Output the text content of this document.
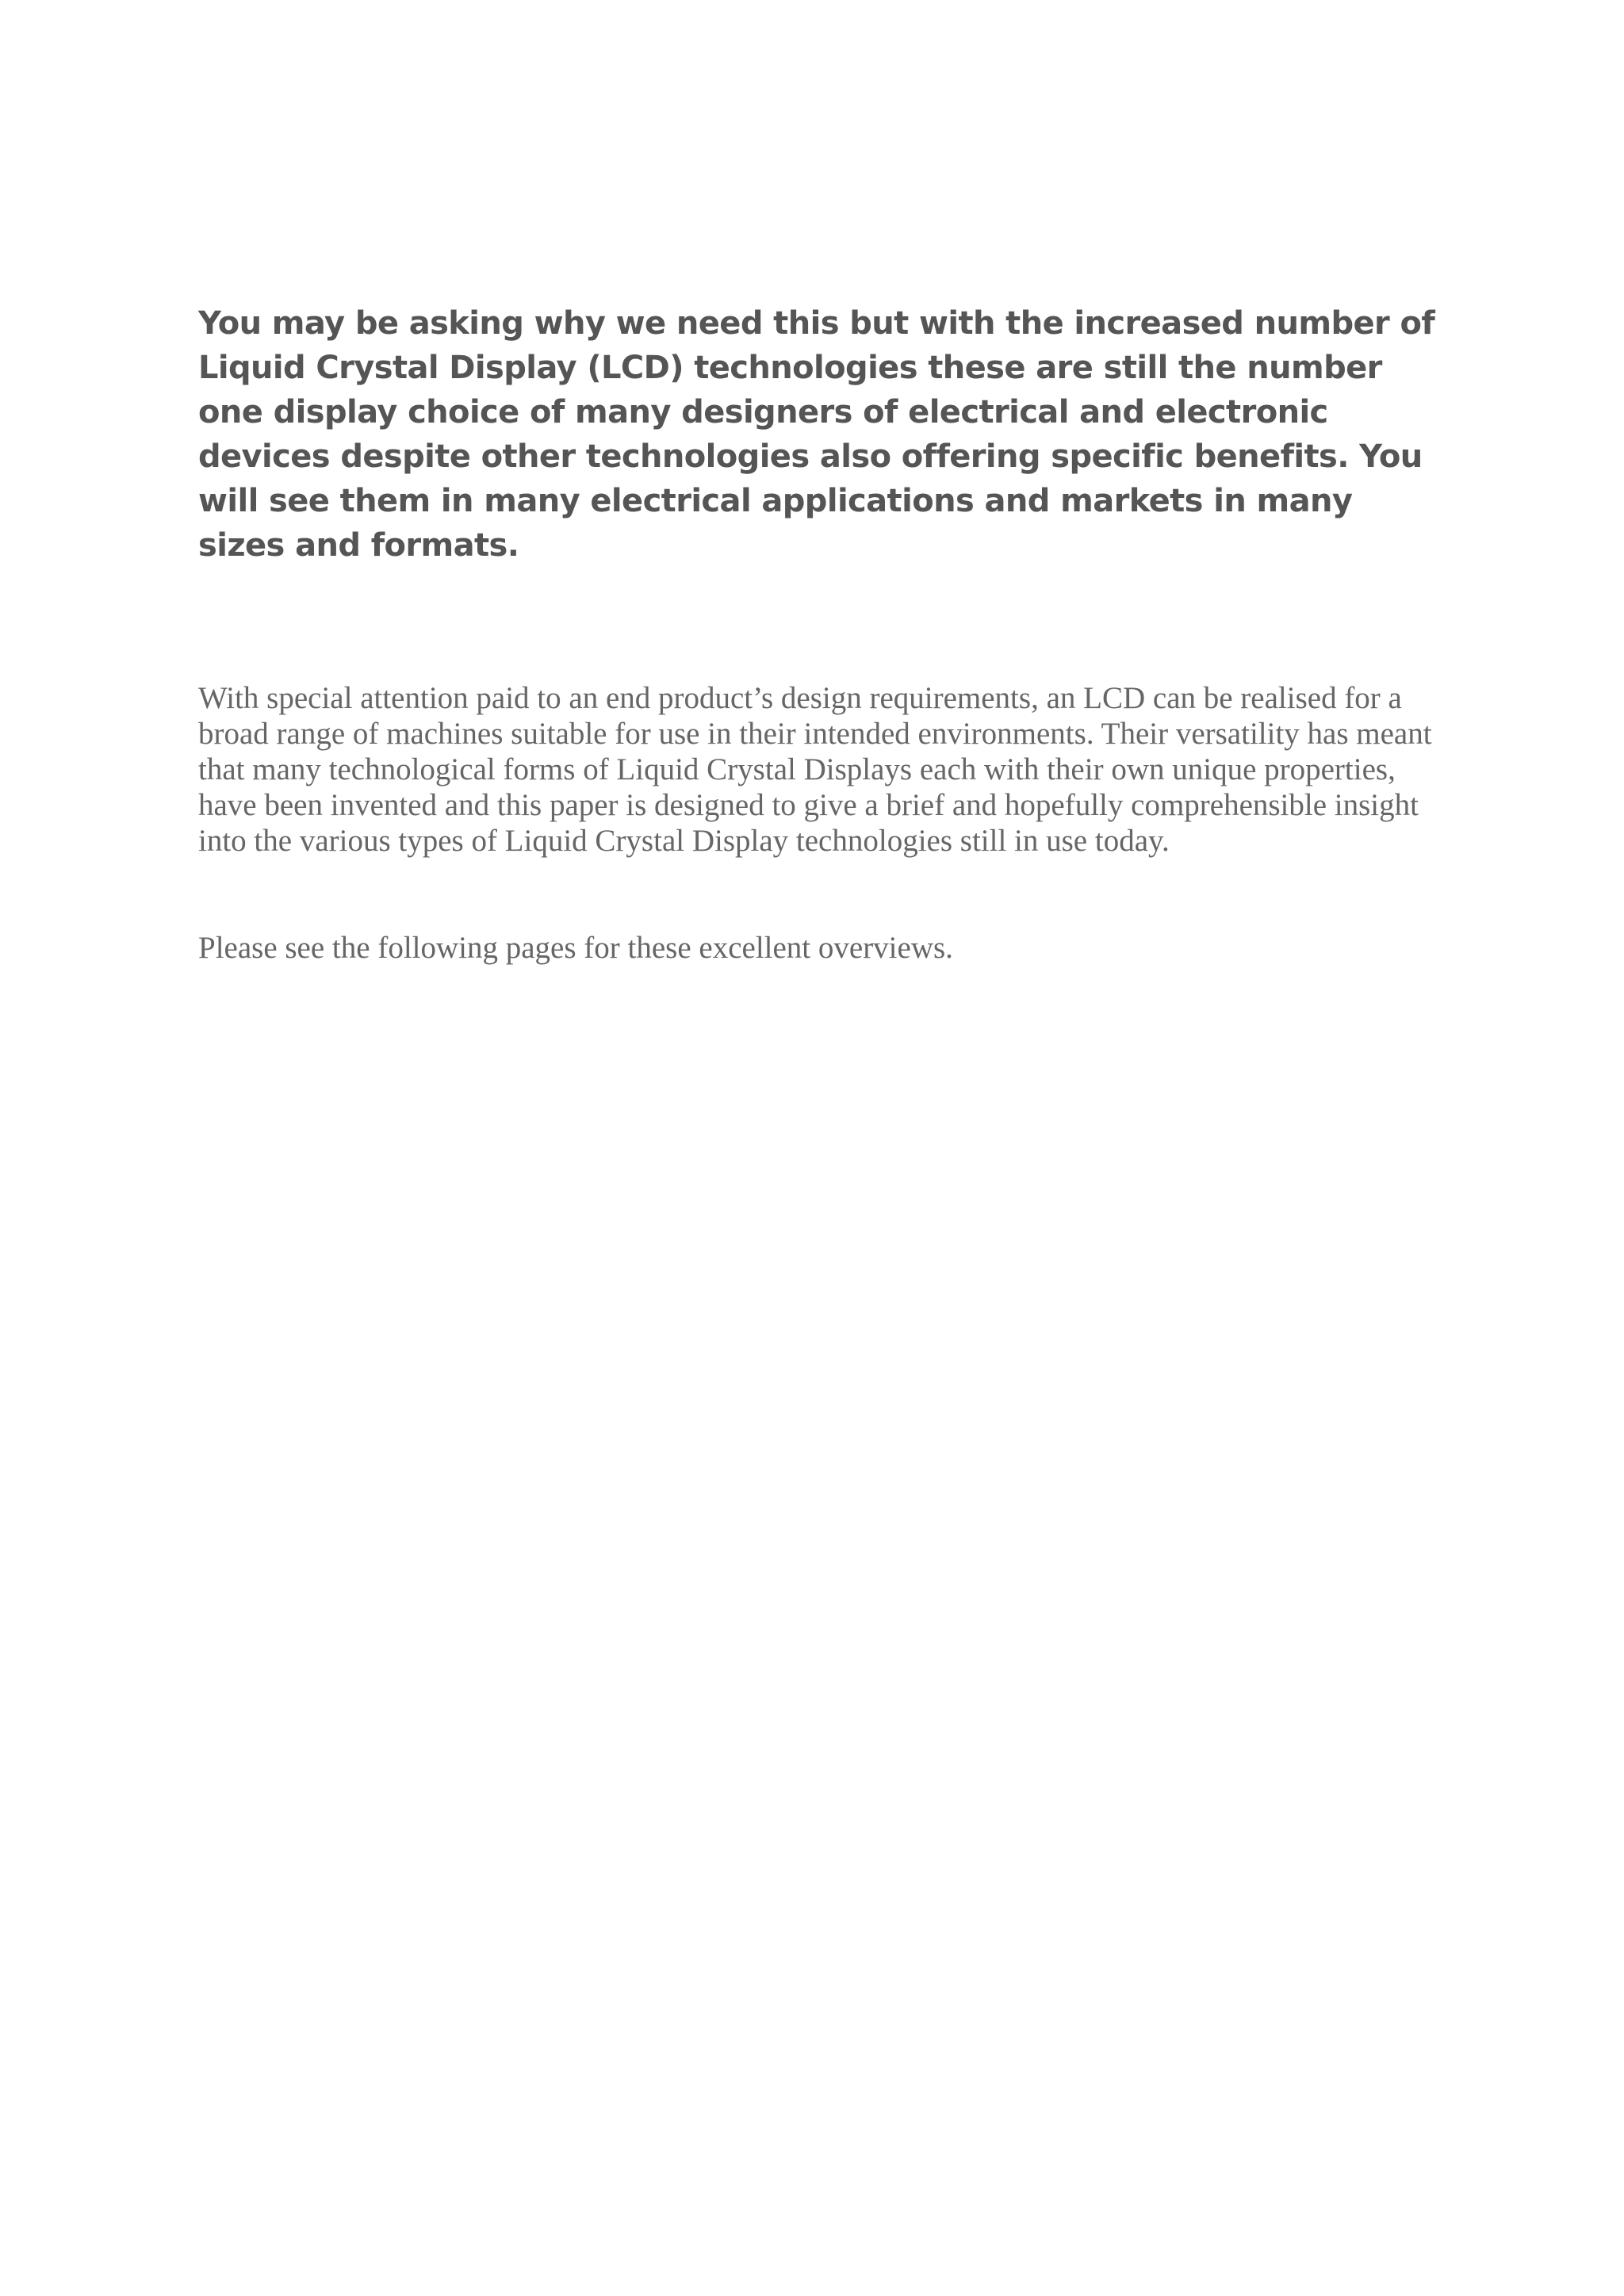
You may be asking why we need this but with the increased number of Liquid Crystal Display (LCD) technologies these are still the number one display choice of many designers of electrical and electronic devices despite other technologies also offering specific benefits. You will see them in many electrical applications and markets in many sizes and formats.

With special attention paid to an end product’s design requirements, an LCD can be realised for a broad range of machines suitable for use in their intended environments. Their versatility has meant that many technological forms of Liquid Crystal Displays each with their own unique properties, have been invented and this paper is designed to give a brief and hopefully comprehensible insight into the various types of Liquid Crystal Display technologies still in use today.

Please see the following pages for these excellent overviews.
